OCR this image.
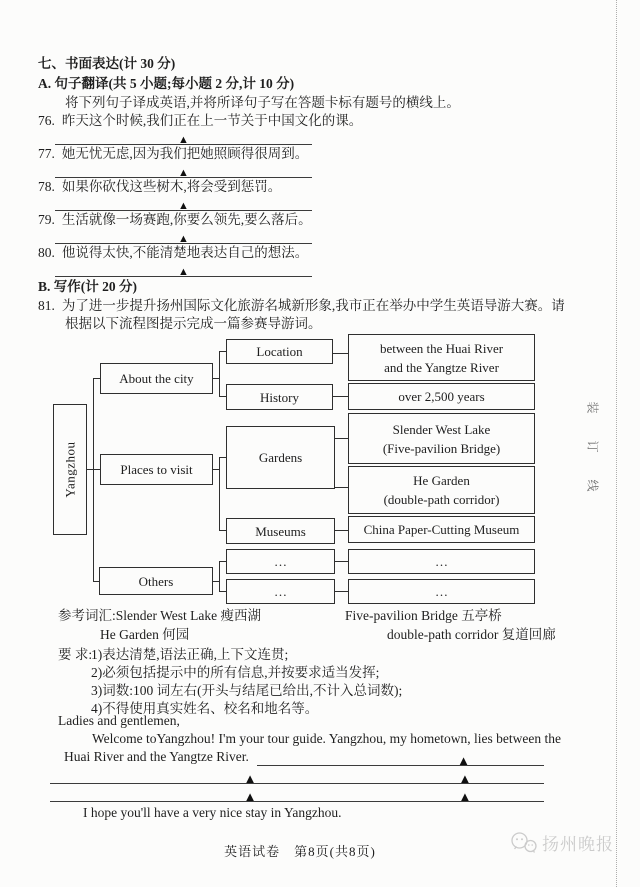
装
订
线
七、书面表达(计 30 分)
A. 句子翻译(共 5 小题;每小题 2 分,计 10 分)
将下列句子译成英语,并将所译句子写在答题卡标有题号的横线上。
76. 昨天这个时候,我们正在上一节关于中国文化的课。
▲
77. 她无忧无虑,因为我们把她照顾得很周到。
▲
78. 如果你砍伐这些树木,将会受到惩罚。
▲
79. 生活就像一场赛跑,你要么领先,要么落后。
▲
80. 他说得太快,不能清楚地表达自己的想法。
▲
B. 写作(计 20 分)
81. 为了进一步提升扬州国际文化旅游名城新形象,我市正在举办中学生英语导游大赛。请
根据以下流程图提示完成一篇参赛导游词。
Yangzhou
About the city
Places to visit
Others
Location
History
Gardens
Museums
…
…
between the Huai River
and the Yangtze River
over 2,500 years
Slender West Lake
(Five-pavilion Bridge)
He Garden
(double-path corridor)
China Paper-Cutting Museum
…
…
参考词汇:Slender West Lake 瘦西湖	Five-pavilion Bridge 五亭桥
He Garden 何园	double-path corridor 复道回廊
要 求:
1)表达清楚,语法正确,上下文连贯;
2)必须包括提示中的所有信息,并按要求适当发挥;
3)词数:100 词左右(开头与结尾已给出,不计入总词数);
4)不得使用真实姓名、校名和地名等。
Ladies and gentlemen,
Welcome toYangzhou! I'm your tour guide. Yangzhou, my hometown, lies between the
Huai River and the Yangtze River.	▲
▲	▲
▲	▲
I hope you'll have a very nice stay in Yangzhou.
英语试卷　第8页(共8页)	扬州晚报
